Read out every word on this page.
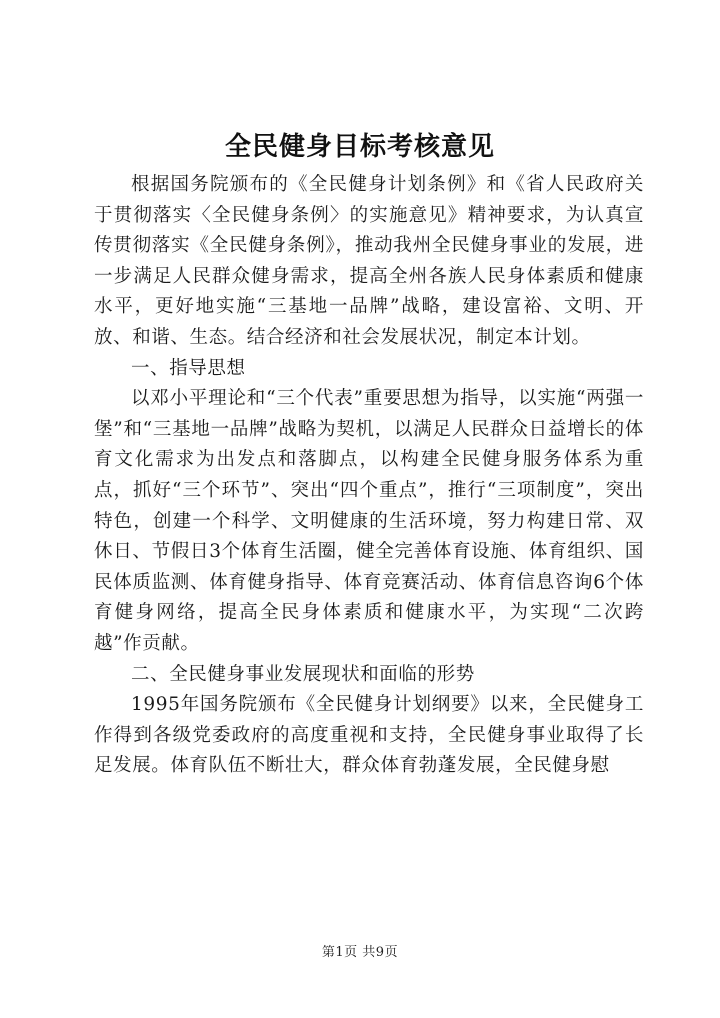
全民健身目标考核意见

根据国务院颁布的《全民健身计划条例》和《省人民政府关于贯彻落实〈全民健身条例〉的实施意见》精神要求，为认真宣传贯彻落实《全民健身条例》，推动我州全民健身事业的发展，进一步满足人民群众健身需求，提高全州各族人民身体素质和健康水平，更好地实施“三基地一品牌”战略，建设富裕、文明、开放、和谐、生态。结合经济和社会发展状况，制定本计划。

一、指导思想

以邓小平理论和“三个代表”重要思想为指导，以实施“两强一堡”和“三基地一品牌”战略为契机，以满足人民群众日益增长的体育文化需求为出发点和落脚点，以构建全民健身服务体系为重点，抓好“三个环节”、突出“四个重点”，推行“三项制度”，突出特色，创建一个科学、文明健康的生活环境，努力构建日常、双休日、节假日3个体育生活圈，健全完善体育设施、体育组织、国民体质监测、体育健身指导、体育竞赛活动、体育信息咨询6个体育健身网络，提高全民身体素质和健康水平，为实现“二次跨越”作贡献。

二、全民健身事业发展现状和面临的形势

1995年国务院颁布《全民健身计划纲要》以来，全民健身工作得到各级党委政府的高度重视和支持，全民健身事业取得了长足发展。体育队伍不断壮大，群众体育勃蓬发展，全民健身慰

第1页 共9页
